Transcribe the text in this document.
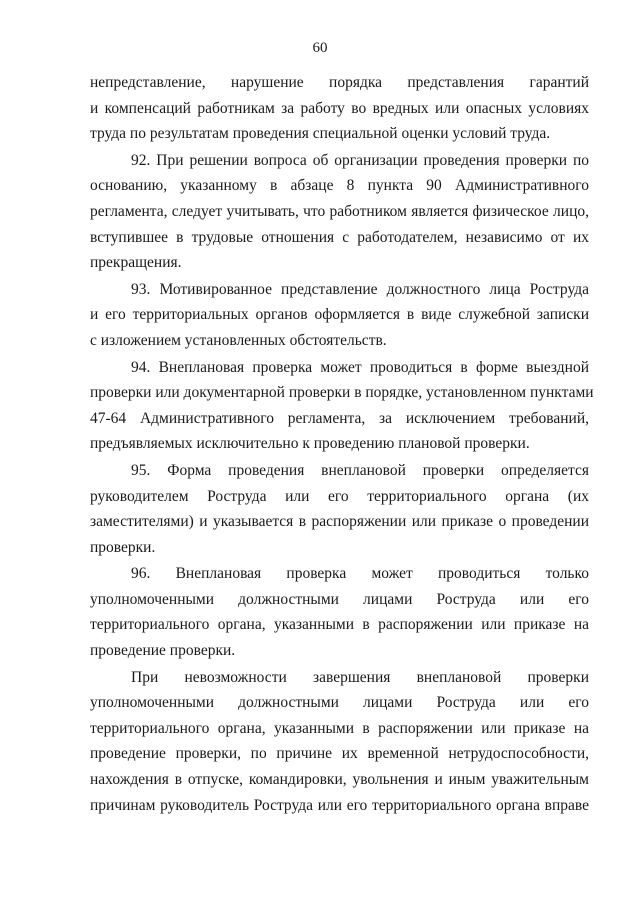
60

непредставление, нарушение порядка представления гарантий
и компенсаций работникам за работу во вредных или опасных условиях
труда по результатам проведения специальной оценки условий труда.

92. При решении вопроса об организации проведения проверки по
основанию, указанному в абзаце 8 пункта 90 Административного
регламента, следует учитывать, что работником является физическое лицо,
вступившее в трудовые отношения с работодателем, независимо от их
прекращения.

93. Мотивированное представление должностного лица Роструда
и его территориальных органов оформляется в виде служебной записки
с изложением установленных обстоятельств.

94. Внеплановая проверка может проводиться в форме выездной
проверки или документарной проверки в порядке, установленном пунктами
47-64 Административного регламента, за исключением требований,
предъявляемых исключительно к проведению плановой проверки.

95. Форма проведения внеплановой проверки определяется
руководителем Роструда или его территориального органа (их
заместителями) и указывается в распоряжении или приказе о проведении
проверки.

96. Внеплановая проверка может проводиться только
уполномоченными должностными лицами Роструда или его
территориального органа, указанными в распоряжении или приказе на
проведение проверки.

При невозможности завершения внеплановой проверки
уполномоченными должностными лицами Роструда или его
территориального органа, указанными в распоряжении или приказе на
проведение проверки, по причине их временной нетрудоспособности,
нахождения в отпуске, командировки, увольнения и иным уважительным
причинам руководитель Роструда или его территориального органа вправе
